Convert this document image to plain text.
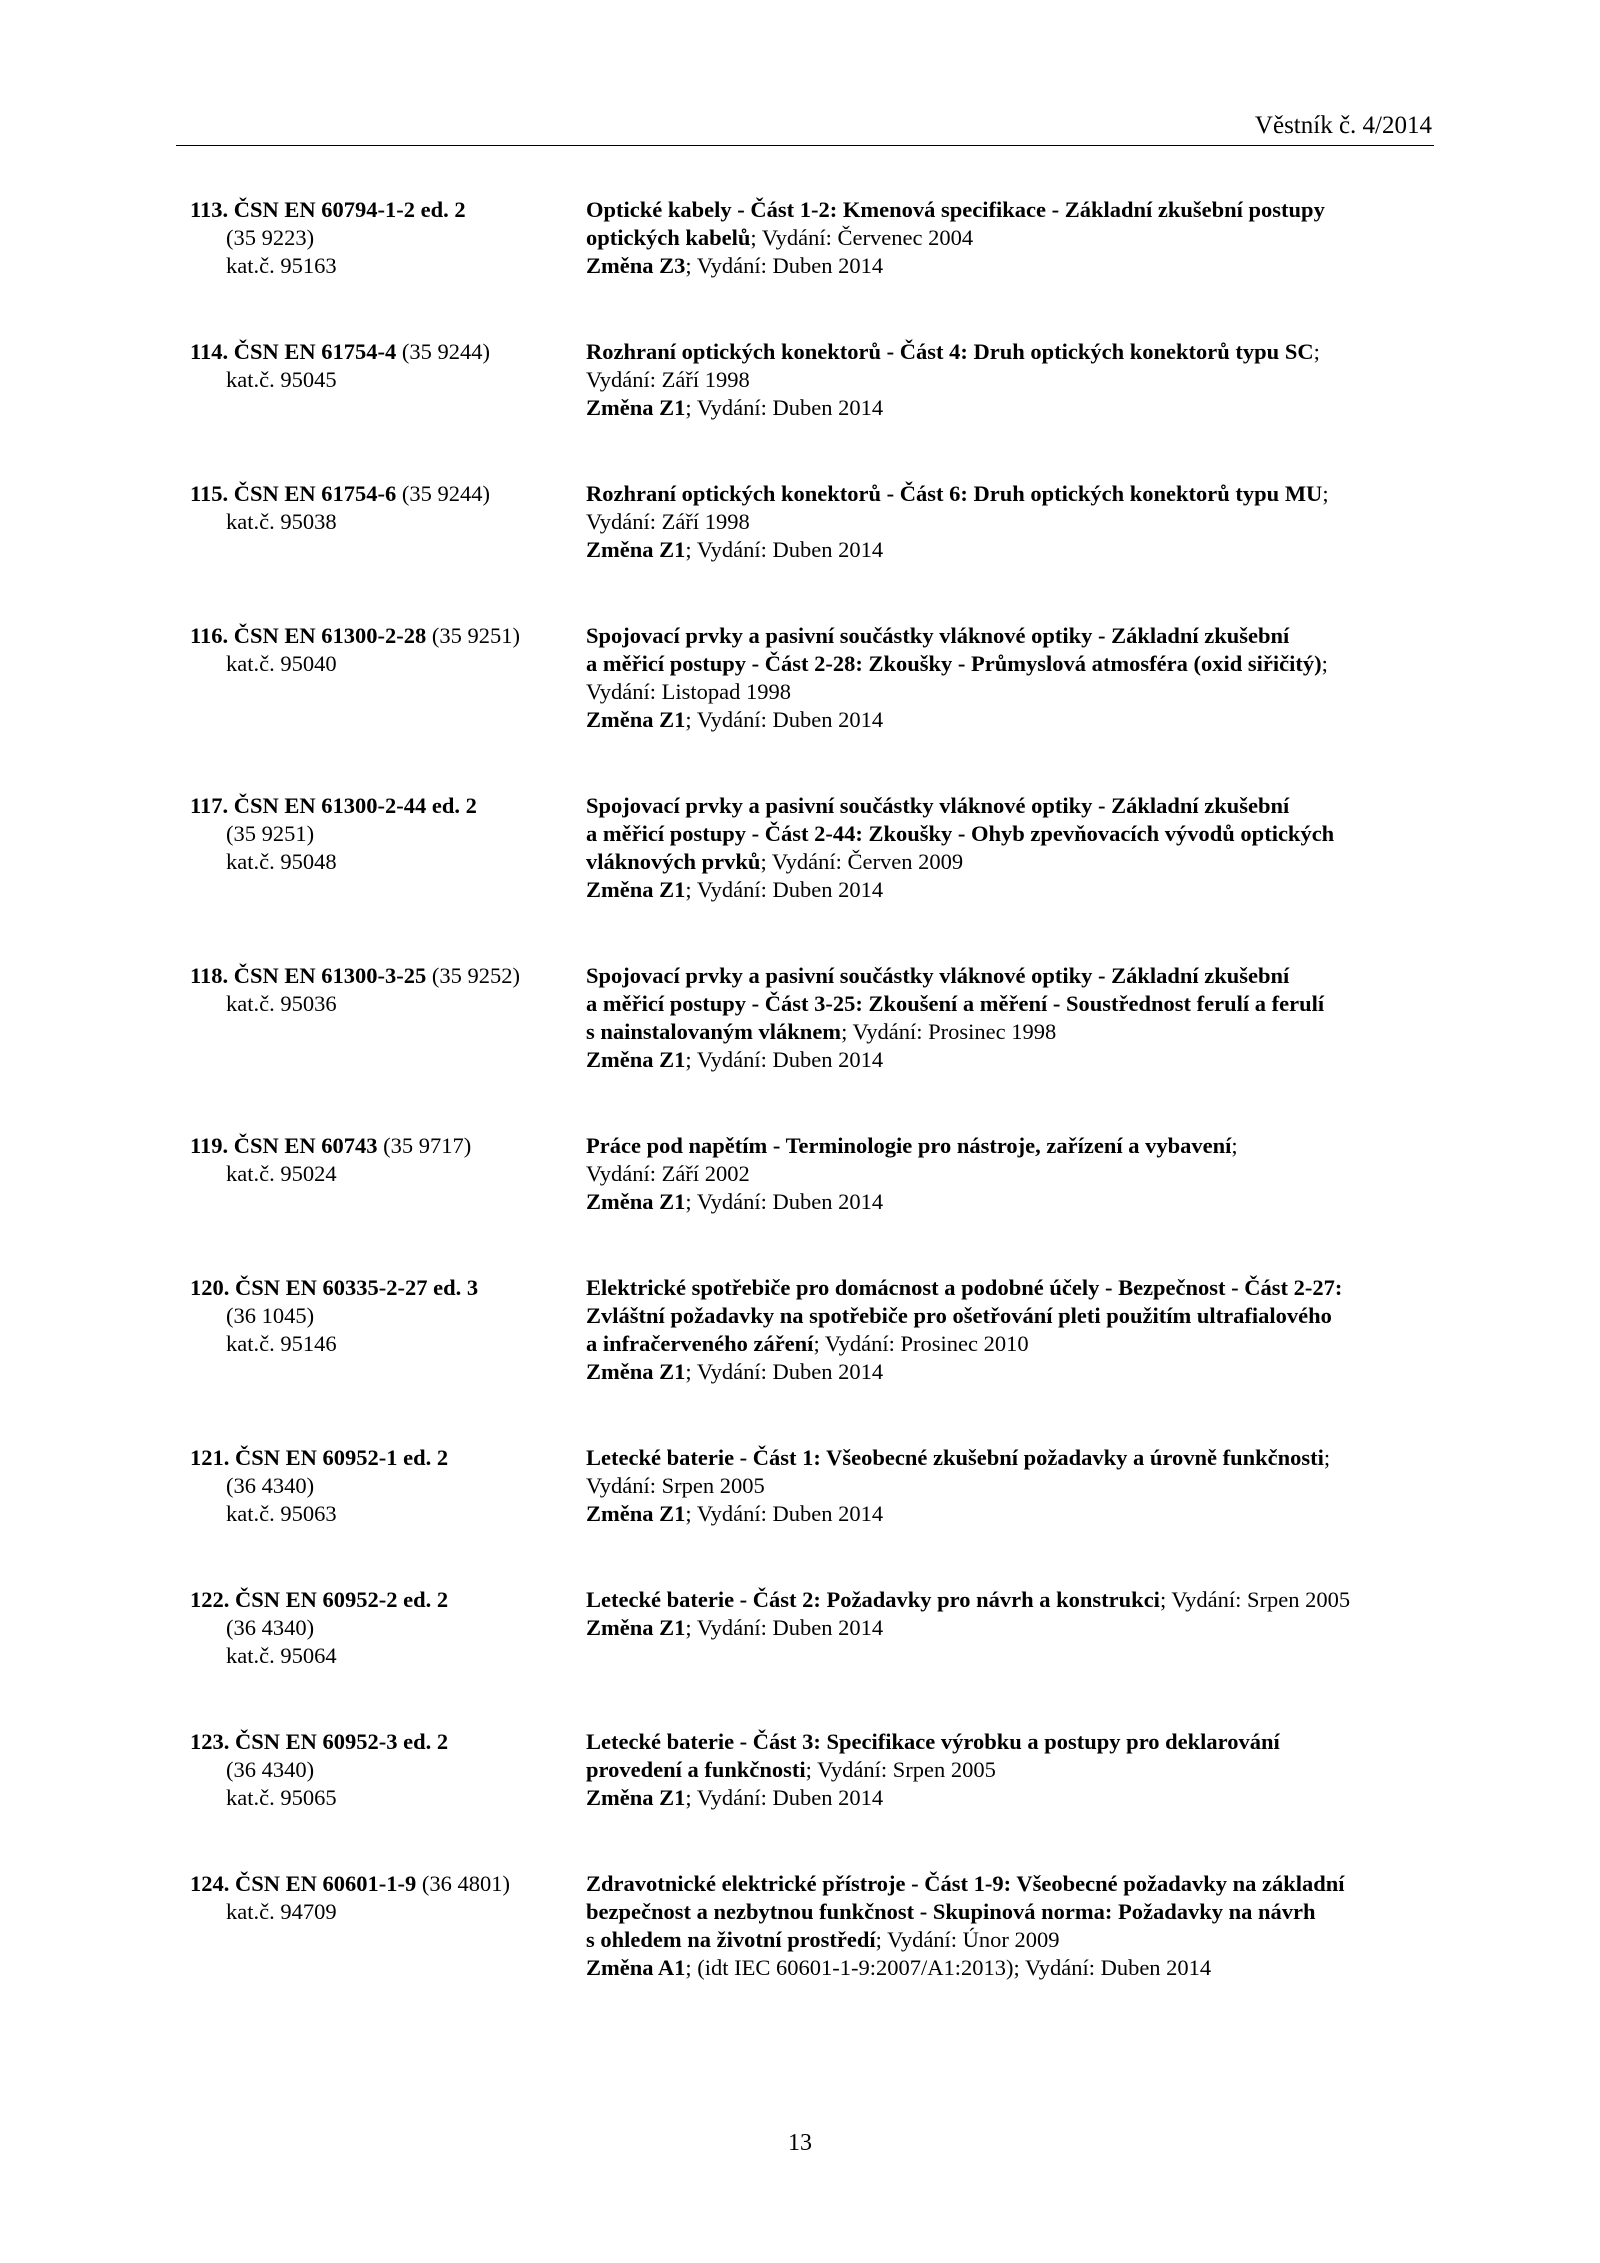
Věstník č. 4/2014
113. ČSN EN 60794-1-2 ed. 2
(35 9223)
kat.č. 95163
Optické kabely - Část 1-2: Kmenová specifikace - Základní zkušební postupy
optických kabelů; Vydání: Červenec 2004
Změna Z3; Vydání: Duben 2014
114. ČSN EN 61754-4 (35 9244)
kat.č. 95045
Rozhraní optických konektorů - Část 4: Druh optických konektorů typu SC;
Vydání: Září 1998
Změna Z1; Vydání: Duben 2014
115. ČSN EN 61754-6 (35 9244)
kat.č. 95038
Rozhraní optických konektorů - Část 6: Druh optických konektorů typu MU;
Vydání: Září 1998
Změna Z1; Vydání: Duben 2014
116. ČSN EN 61300-2-28 (35 9251)
kat.č. 95040
Spojovací prvky a pasivní součástky vláknové optiky - Základní zkušební
a měřicí postupy - Část 2-28: Zkoušky - Průmyslová atmosféra (oxid siřičitý);
Vydání: Listopad 1998
Změna Z1; Vydání: Duben 2014
117. ČSN EN 61300-2-44 ed. 2
(35 9251)
kat.č. 95048
Spojovací prvky a pasivní součástky vláknové optiky - Základní zkušební
a měřicí postupy - Část 2-44: Zkoušky - Ohyb zpevňovacích vývodů optických
vláknových prvků; Vydání: Červen 2009
Změna Z1; Vydání: Duben 2014
118. ČSN EN 61300-3-25 (35 9252)
kat.č. 95036
Spojovací prvky a pasivní součástky vláknové optiky - Základní zkušební
a měřicí postupy - Část 3-25: Zkoušení a měření - Soustřednost ferulí a ferulí
s nainstalovaným vláknem; Vydání: Prosinec 1998
Změna Z1; Vydání: Duben 2014
119. ČSN EN 60743 (35 9717)
kat.č. 95024
Práce pod napětím - Terminologie pro nástroje, zařízení a vybavení;
Vydání: Září 2002
Změna Z1; Vydání: Duben 2014
120. ČSN EN 60335-2-27 ed. 3
(36 1045)
kat.č. 95146
Elektrické spotřebiče pro domácnost a podobné účely - Bezpečnost - Část 2-27:
Zvláštní požadavky na spotřebiče pro ošetřování pleti použitím ultrafialového
a infračerveného záření; Vydání: Prosinec 2010
Změna Z1; Vydání: Duben 2014
121. ČSN EN 60952-1 ed. 2
(36 4340)
kat.č. 95063
Letecké baterie - Část 1: Všeobecné zkušební požadavky a úrovně funkčnosti;
Vydání: Srpen 2005
Změna Z1; Vydání: Duben 2014
122. ČSN EN 60952-2 ed. 2
(36 4340)
kat.č. 95064
Letecké baterie - Část 2: Požadavky pro návrh a konstrukci; Vydání: Srpen 2005
Změna Z1; Vydání: Duben 2014
123. ČSN EN 60952-3 ed. 2
(36 4340)
kat.č. 95065
Letecké baterie - Část 3: Specifikace výrobku a postupy pro deklarování
provedení a funkčnosti; Vydání: Srpen 2005
Změna Z1; Vydání: Duben 2014
124. ČSN EN 60601-1-9 (36 4801)
kat.č. 94709
Zdravotnické elektrické přístroje - Část 1-9: Všeobecné požadavky na základní
bezpečnost a nezbytnou funkčnost - Skupinová norma: Požadavky na návrh
s ohledem na životní prostředí; Vydání: Únor 2009
Změna A1; (idt IEC 60601-1-9:2007/A1:2013); Vydání: Duben 2014
13
